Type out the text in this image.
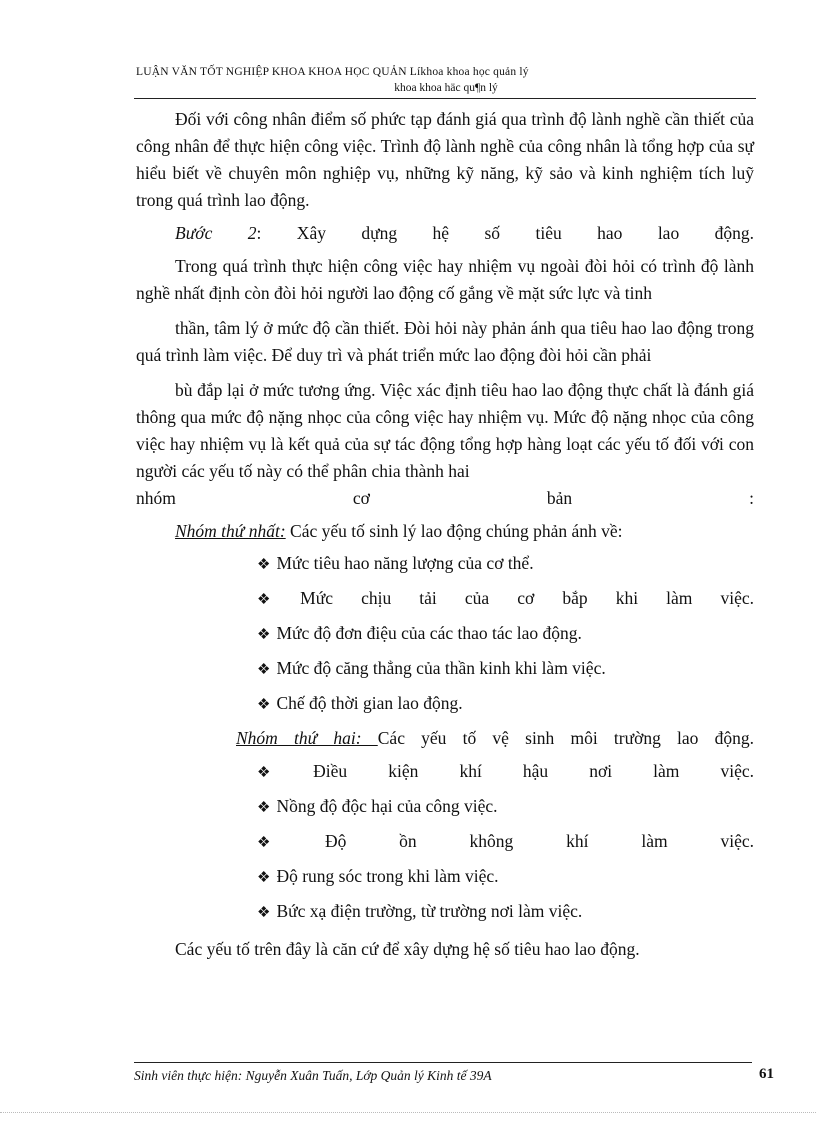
LUẬN VĂN TỐT NGHIỆP KHOA KHOA HỌC QUẢN Líkhoa khoa học quản lý
khoa khoa häc qu¶n lý

Đối với công nhân điểm số phức tạp đánh giá qua trình độ lành nghề cần thiết của công nhân để thực hiện công việc. Trình độ lành nghề của công nhân là tổng hợp của sự hiểu biết về chuyên môn nghiệp vụ, những kỹ năng, kỹ sảo và kinh nghiệm tích luỹ trong quá trình lao động.

Bước 2: Xây dựng hệ số tiêu hao lao động.

Trong quá trình thực hiện công việc hay nhiệm vụ ngoài đòi hỏi có trình độ lành nghề nhất định còn đòi hỏi người lao động cố gắng về mặt sức lực và tinh

thần, tâm lý ở mức độ cần thiết. Đòi hỏi này phản ánh qua tiêu hao lao động trong quá trình làm việc. Để duy trì và phát triển mức lao động đòi hỏi cần phải

bù đắp lại ở mức tương ứng. Việc xác định tiêu hao lao động thực chất là đánh giá thông qua mức độ nặng nhọc của công việc hay nhiệm vụ. Mức độ nặng nhọc của công việc hay nhiệm vụ là kết quả của sự tác động tổng hợp hàng loạt các yếu tố đối với con người các yếu tố này có thể phân chia thành hai

nhóm cơ bản :

Nhóm thứ nhất: Các yếu tố sinh lý lao động chúng phản ánh về:

❖ Mức tiêu hao năng lượng của cơ thể.
❖ Mức chịu tải của cơ bắp khi làm việc.
❖ Mức độ đơn điệu của các thao tác lao động.
❖ Mức độ căng thẳng của thần kinh khi làm việc.
❖ Chế độ thời gian lao động.

Nhóm thứ hai: Các yếu tố vệ sinh môi trường lao động.

❖ Điều kiện khí hậu nơi làm việc.
❖ Nồng độ độc hại của công việc.
❖ Độ ồn không khí làm việc.
❖ Độ rung sóc trong khi làm việc.
❖ Bức xạ điện trường, từ trường nơi làm việc.

Các yếu tố trên đây là căn cứ để xây dựng hệ số tiêu hao lao động.

Sinh viên thực hiện: Nguyễn Xuân Tuấn, Lớp Quản lý Kinh tế 39A	61
